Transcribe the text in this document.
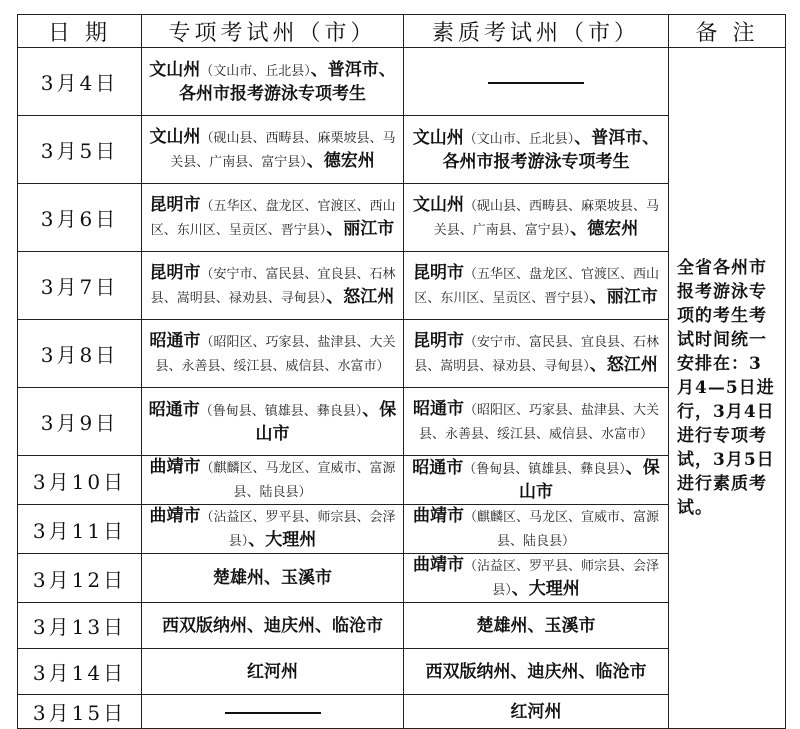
日 期	专项考试州（市）	素质考试州（市）	备 注
3月4日	文山州（文山市、丘北县）、普洱市、各州市报考游泳专项考生		全省各州市报考游泳专项的考生考试时间统一安排在：3月4—5日进行，3月4日进行专项考试，3月5日进行素质考试。
3月5日	文山州（砚山县、西畴县、麻栗坡县、马关县、广南县、富宁县）、德宏州	文山州（文山市、丘北县）、普洱市、各州市报考游泳专项考生	
3月6日	昆明市（五华区、盘龙区、官渡区、西山区、东川区、呈贡区、晋宁县）、丽江市	文山州（砚山县、西畴县、麻栗坡县、马关县、广南县、富宁县）、德宏州	
3月7日	昆明市（安宁市、富民县、宜良县、石林县、嵩明县、禄劝县、寻甸县）、怒江州	昆明市（五华区、盘龙区、官渡区、西山区、东川区、呈贡区、晋宁县）、丽江市	
3月8日	昭通市（昭阳区、巧家县、盐津县、大关县、永善县、绥江县、威信县、水富市）	昆明市（安宁市、富民县、宜良县、石林县、嵩明县、禄劝县、寻甸县）、怒江州	
3月9日	昭通市（鲁甸县、镇雄县、彝良县）、保山市	昭通市（昭阳区、巧家县、盐津县、大关县、永善县、绥江县、威信县、水富市）	
3月10日	曲靖市（麒麟区、马龙区、宣威市、富源县、陆良县）	昭通市（鲁甸县、镇雄县、彝良县）、保山市	
3月11日	曲靖市（沾益区、罗平县、师宗县、会泽县）、大理州	曲靖市（麒麟区、马龙区、宣威市、富源县、陆良县）	
3月12日	楚雄州、玉溪市	曲靖市（沾益区、罗平县、师宗县、会泽县）、大理州	
3月13日	西双版纳州、迪庆州、临沧市	楚雄州、玉溪市	
3月14日	红河州	西双版纳州、迪庆州、临沧市	
3月15日		红河州	
